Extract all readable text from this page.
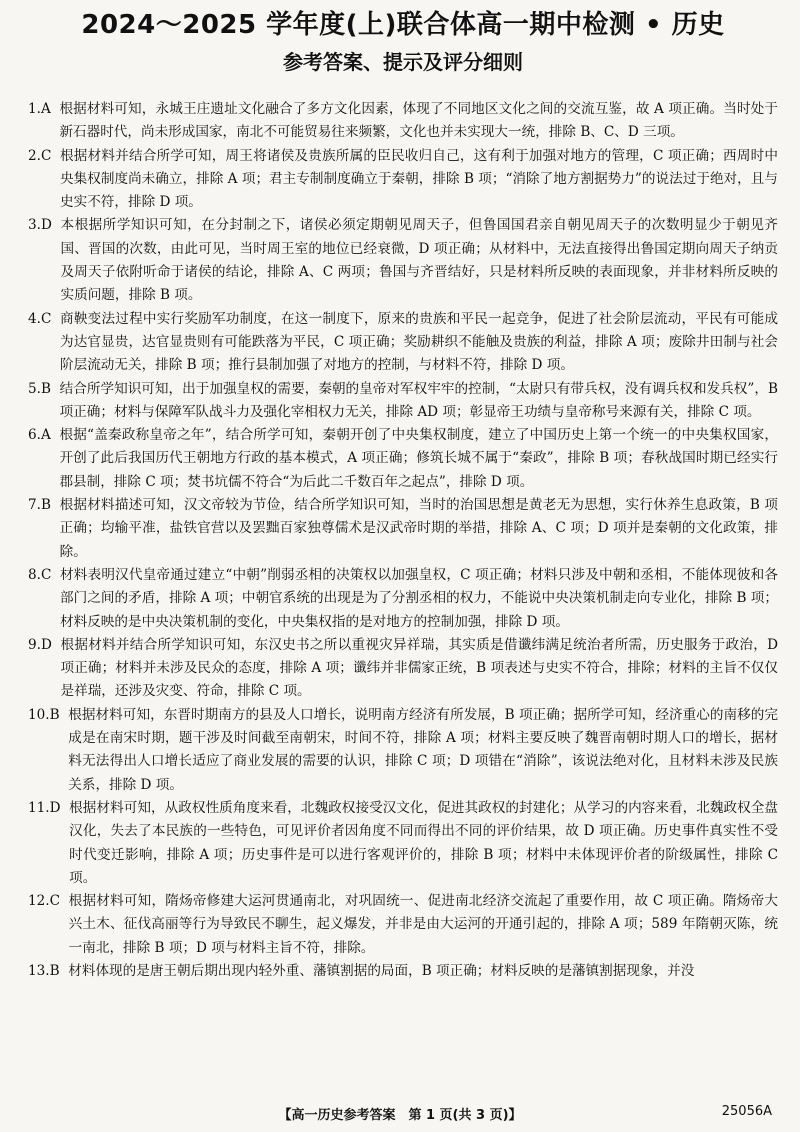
2024～2025 学年度(上)联合体高一期中检测 • 历史
参考答案、提示及评分细则
1.A 根据材料可知，永城王庄遗址文化融合了多方文化因素，体现了不同地区文化之间的交流互鉴，故 A 项正确。当时处于新石器时代，尚未形成国家，南北不可能贸易往来频繁，文化也并未实现大一统，排除 B、C、D 三项。
2.C 根据材料并结合所学可知，周王将诸侯及贵族所属的臣民收归自己，这有利于加强对地方的管理，C 项正确；西周时中央集权制度尚未确立，排除 A 项；君主专制制度确立于秦朝，排除 B 项；“消除了地方割据势力”的说法过于绝对，且与史实不符，排除 D 项。
3.D 本根据所学知识可知，在分封制之下，诸侯必须定期朝见周天子，但鲁国国君亲自朝见周天子的次数明显少于朝见齐国、晋国的次数，由此可见，当时周王室的地位已经衰微，D 项正确；从材料中，无法直接得出鲁国定期向周天子纳贡及周天子依附听命于诸侯的结论，排除 A、C 两项；鲁国与齐晋结好，只是材料所反映的表面现象，并非材料所反映的实质问题，排除 B 项。
4.C 商鞅变法过程中实行奖励军功制度，在这一制度下，原来的贵族和平民一起竞争，促进了社会阶层流动，平民有可能成为达官显贵，达官显贵则有可能跌落为平民，C 项正确；奖励耕织不能触及贵族的利益，排除 A 项；废除井田制与社会阶层流动无关，排除 B 项；推行县制加强了对地方的控制，与材料不符，排除 D 项。
5.B 结合所学知识可知，出于加强皇权的需要，秦朝的皇帝对军权牢牢的控制，“太尉只有带兵权，没有调兵权和发兵权”，B 项正确；材料与保障军队战斗力及强化宰相权力无关，排除 AD 项；彰显帝王功绩与皇帝称号来源有关，排除 C 项。
6.A 根据“盖秦政称皇帝之年”，结合所学可知，秦朝开创了中央集权制度，建立了中国历史上第一个统一的中央集权国家，开创了此后我国历代王朝地方行政的基本模式，A 项正确；修筑长城不属于“秦政”，排除 B 项；春秋战国时期已经实行郡县制，排除 C 项；焚书坑儒不符合“为后此二千数百年之起点”，排除 D 项。
7.B 根据材料描述可知，汉文帝较为节俭，结合所学知识可知，当时的治国思想是黄老无为思想，实行休养生息政策，B 项正确；均输平准，盐铁官营以及罢黜百家独尊儒术是汉武帝时期的举措，排除 A、C 项；D 项并是秦朝的文化政策，排除。
8.C 材料表明汉代皇帝通过建立“中朝”削弱丞相的决策权以加强皇权，C 项正确；材料只涉及中朝和丞相，不能体现彼和各部门之间的矛盾，排除 A 项；中朝官系统的出现是为了分割丞相的权力，不能说中央决策机制走向专业化，排除 B 项；材料反映的是中央决策机制的变化，中央集权指的是对地方的控制加强，排除 D 项。
9.D 根据材料并结合所学知识可知，东汉史书之所以重视灾异祥瑞，其实质是借谶纬满足统治者所需，历史服务于政治，D 项正确；材料并未涉及民众的态度，排除 A 项；谶纬并非儒家正统，B 项表述与史实不符合，排除；材料的主旨不仅仅是祥瑞，还涉及灾变、符命，排除 C 项。
10.B 根据材料可知，东晋时期南方的县及人口增长，说明南方经济有所发展，B 项正确；据所学可知，经济重心的南移的完成是在南宋时期，题干涉及时间截至南朝宋，时间不符，排除 A 项；材料主要反映了魏晋南朝时期人口的增长，据材料无法得出人口增长适应了商业发展的需要的认识，排除 C 项；D 项错在“消除”，该说法绝对化，且材料未涉及民族关系，排除 D 项。
11.D 根据材料可知，从政权性质角度来看，北魏政权接受汉文化，促进其政权的封建化；从学习的内容来看，北魏政权全盘汉化，失去了本民族的一些特色，可见评价者因角度不同而得出不同的评价结果，故 D 项正确。历史事件真实性不受时代变迁影响，排除 A 项；历史事件是可以进行客观评价的，排除 B 项；材料中未体现评价者的阶级属性，排除 C 项。
12.C 根据材料可知，隋炀帝修建大运河贯通南北，对巩固统一、促进南北经济交流起了重要作用，故 C 项正确。隋炀帝大兴土木、征伐高丽等行为导致民不聊生，起义爆发，并非是由大运河的开通引起的，排除 A 项；589 年隋朝灭陈，统一南北，排除 B 项；D 项与材料主旨不符，排除。
13.B 材料体现的是唐王朝后期出现内轻外重、藩镇割据的局面，B 项正确；材料反映的是藩镇割据现象，并没
【高一历史参考答案　第 1 页(共 3 页)】	25056A
